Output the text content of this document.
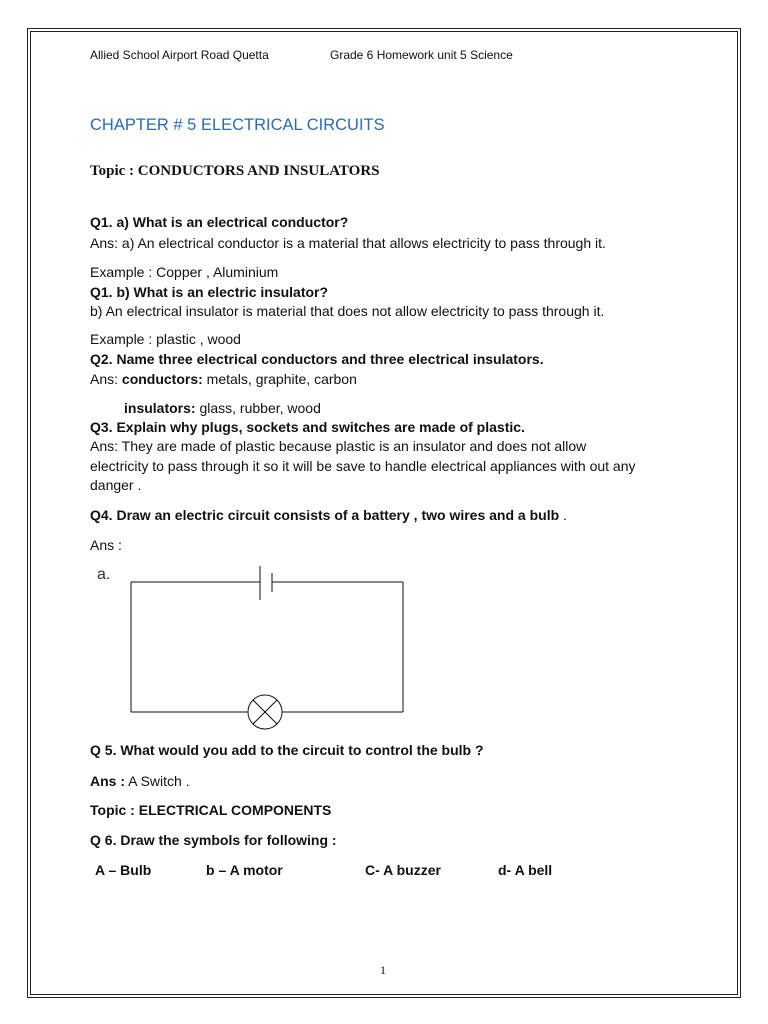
Allied School Airport Road Quetta	Grade 6 Homework unit 5 Science
CHAPTER # 5 ELECTRICAL CIRCUITS
Topic : CONDUCTORS AND INSULATORS
Q1. a) What is an electrical conductor?
Ans: a) An electrical conductor is a material that allows electricity to pass through it.
Example : Copper , Aluminium
Q1. b) What is an electric insulator?
b) An electrical insulator is material that does not allow electricity to pass through it.
Example : plastic , wood
Q2. Name three electrical conductors and three electrical insulators.
Ans: conductors: metals, graphite, carbon
insulators: glass, rubber, wood
Q3. Explain why plugs, sockets and switches are made of plastic.
Ans: They are made of plastic because plastic is an insulator and does not allow
electricity to pass through it so it will be save to handle electrical appliances with out any
danger .
Q4. Draw an electric circuit consists of a battery , two wires and a bulb .
Ans :
a.
Q 5. What would you add to the circuit to control the bulb ?
Ans : A Switch .
Topic : ELECTRICAL COMPONENTS
Q 6. Draw the symbols for following :
A – Bulb	b – A motor	C- A buzzer	d- A bell
1
